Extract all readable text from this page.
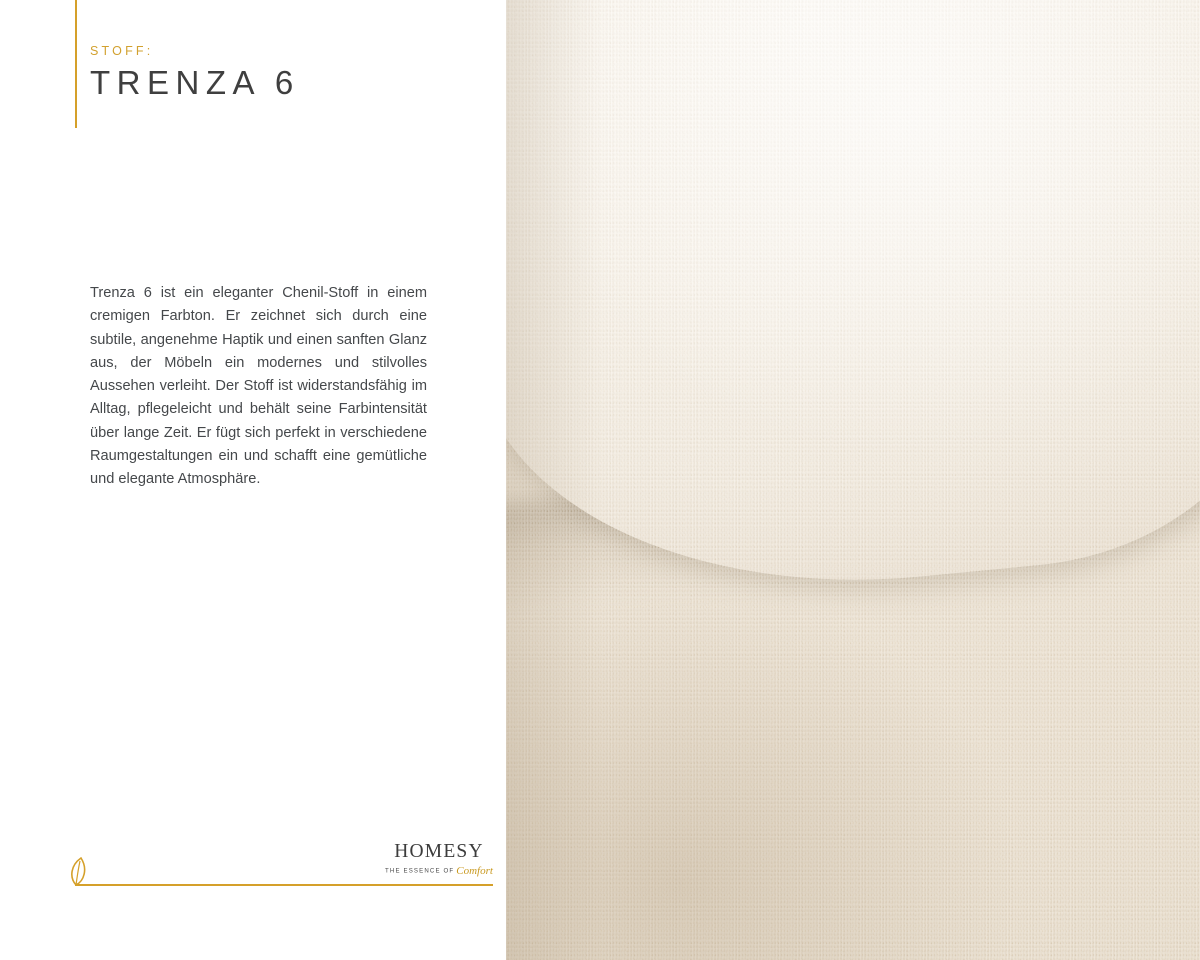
STOFF:
TRENZA 6
Trenza 6 ist ein eleganter Chenil-Stoff in einem cremigen Farbton. Er zeichnet sich durch eine subtile, angenehme Haptik und einen sanften Glanz aus, der Möbeln ein modernes und stilvolles Aussehen verleiht. Der Stoff ist widerstandsfähig im Alltag, pflegeleicht und behält seine Farbintensität über lange Zeit. Er fügt sich perfekt in verschiedene Raumgestaltungen ein und schafft eine gemütliche und elegante Atmosphäre.
HOMESY
THE ESSENCE OF Comfort
